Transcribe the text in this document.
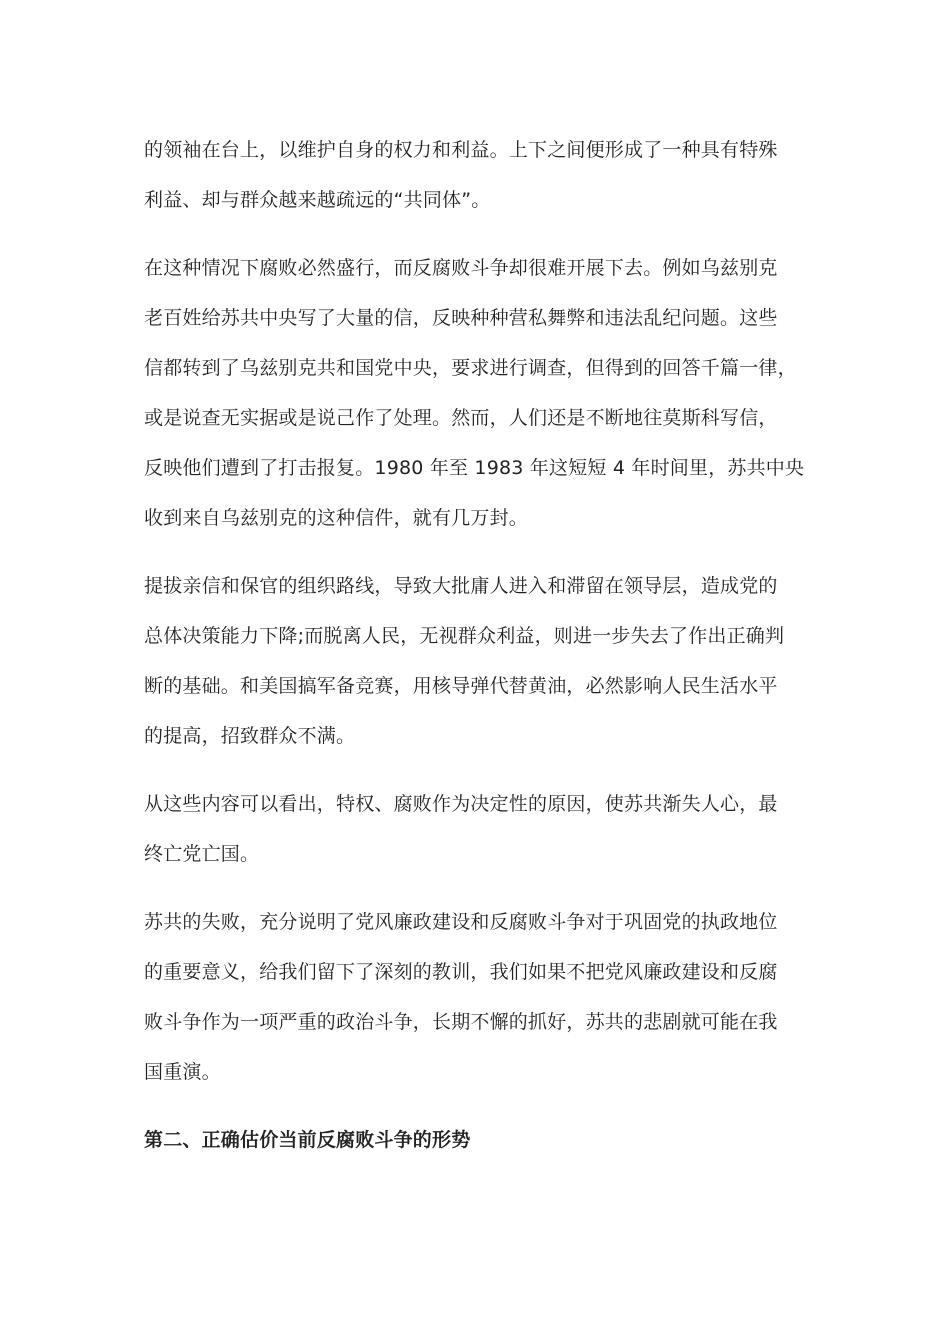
的领袖在台上，以维护自身的权力和利益。上下之间便形成了一种具有特殊
利益、却与群众越来越疏远的“共同体”。
在这种情况下腐败必然盛行，而反腐败斗争却很难开展下去。例如乌兹别克
老百姓给苏共中央写了大量的信，反映种种营私舞弊和违法乱纪问题。这些
信都转到了乌兹别克共和国党中央，要求进行调查，但得到的回答千篇一律，
或是说查无实据或是说己作了处理。然而，人们还是不断地往莫斯科写信，
反映他们遭到了打击报复。1980 年至 1983 年这短短 4 年时间里，苏共中央
收到来自乌兹别克的这种信件，就有几万封。
提拔亲信和保官的组织路线，导致大批庸人进入和滞留在领导层，造成党的
总体决策能力下降;而脱离人民，无视群众利益，则进一步失去了作出正确判
断的基础。和美国搞军备竞赛，用核导弹代替黄油，必然影响人民生活水平
的提高，招致群众不满。
从这些内容可以看出，特权、腐败作为决定性的原因，使苏共渐失人心，最
终亡党亡国。
苏共的失败，充分说明了党风廉政建设和反腐败斗争对于巩固党的执政地位
的重要意义，给我们留下了深刻的教训，我们如果不把党风廉政建设和反腐
败斗争作为一项严重的政治斗争，长期不懈的抓好，苏共的悲剧就可能在我
国重演。
第二、正确估价当前反腐败斗争的形势
